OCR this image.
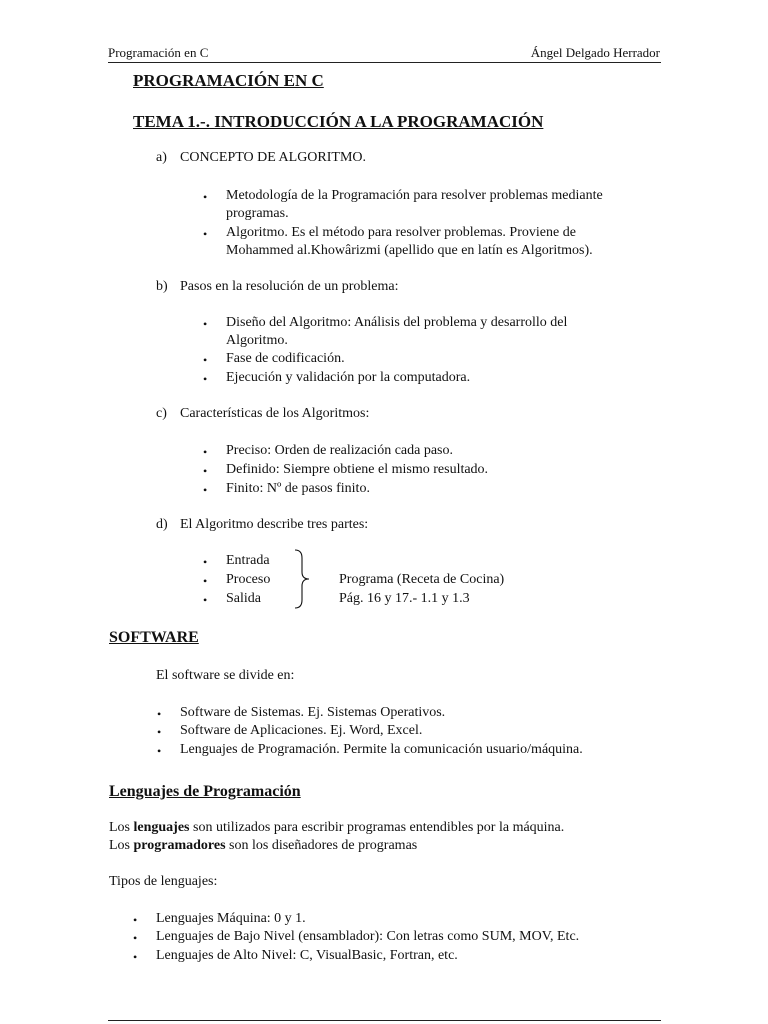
Programación en C	Ángel Delgado Herrador
PROGRAMACIÓN EN C
TEMA 1.-. INTRODUCCIÓN A LA PROGRAMACIÓN
a) CONCEPTO DE ALGORITMO.
• Metodología de la Programación para resolver problemas mediante
programas.
• Algoritmo. Es el método para resolver problemas. Proviene de
Mohammed al.Khowârizmi (apellido que en latín es Algoritmos).
b) Pasos en la resolución de un problema:
• Diseño del Algoritmo: Análisis del problema y desarrollo del
Algoritmo.
• Fase de codificación.
• Ejecución y validación por la computadora.
c) Características de los Algoritmos:
• Preciso: Orden de realización cada paso.
• Definido: Siempre obtiene el mismo resultado.
• Finito: Nº de pasos finito.
d) El Algoritmo describe tres partes:
• Entrada
• Proceso
• Salida
Programa (Receta de Cocina)
Pág. 16 y 17.- 1.1 y 1.3
SOFTWARE
El software se divide en:
• Software de Sistemas. Ej. Sistemas Operativos.
• Software de Aplicaciones. Ej. Word, Excel.
• Lenguajes de Programación. Permite la comunicación usuario/máquina.
Lenguajes de Programación
Los lenguajes son utilizados para escribir programas entendibles por la máquina.
Los programadores son los diseñadores de programas
Tipos de lenguajes:
• Lenguajes Máquina: 0 y 1.
• Lenguajes de Bajo Nivel (ensamblador): Con letras como SUM, MOV, Etc.
• Lenguajes de Alto Nivel: C, VisualBasic, Fortran, etc.
